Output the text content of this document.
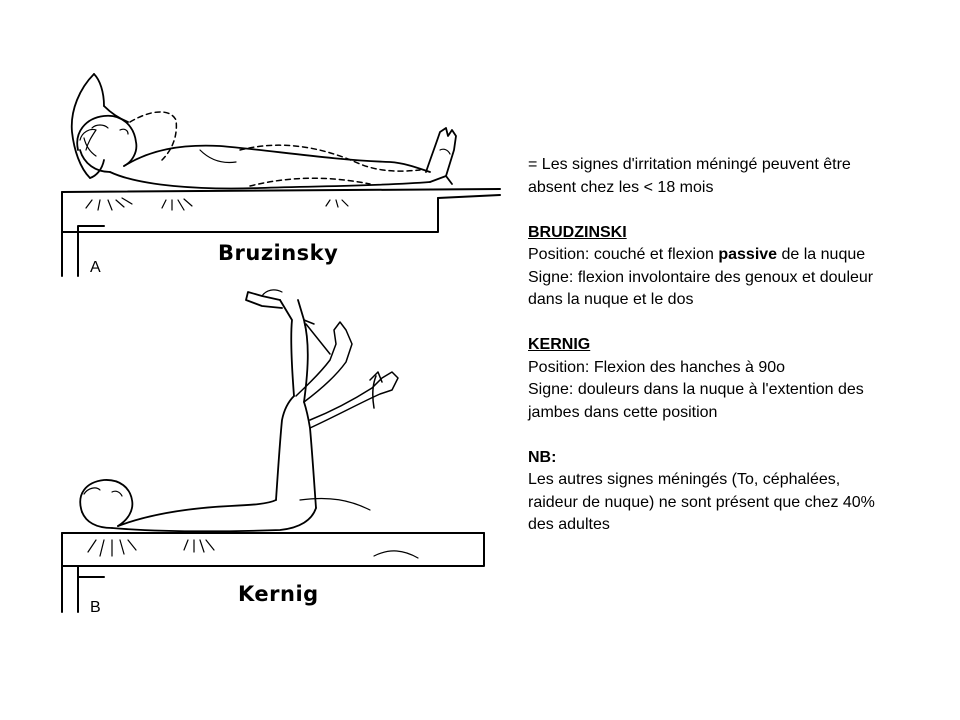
Bruzinsky
A
Kernig
B

= Les signes d'irritation méningé peuvent être

absent chez les < 18 mois

BRUDZINSKI

Position: couché et flexion passive de la nuque

Signe: flexion involontaire des genoux et douleur

dans la nuque et le dos

KERNIG

Position: Flexion des hanches à 90o

Signe: douleurs dans la nuque à l'extention des

jambes dans cette position

NB:

Les autres signes méningés (To, céphalées,

raideur de nuque) ne sont présent que chez 40%

des adultes
